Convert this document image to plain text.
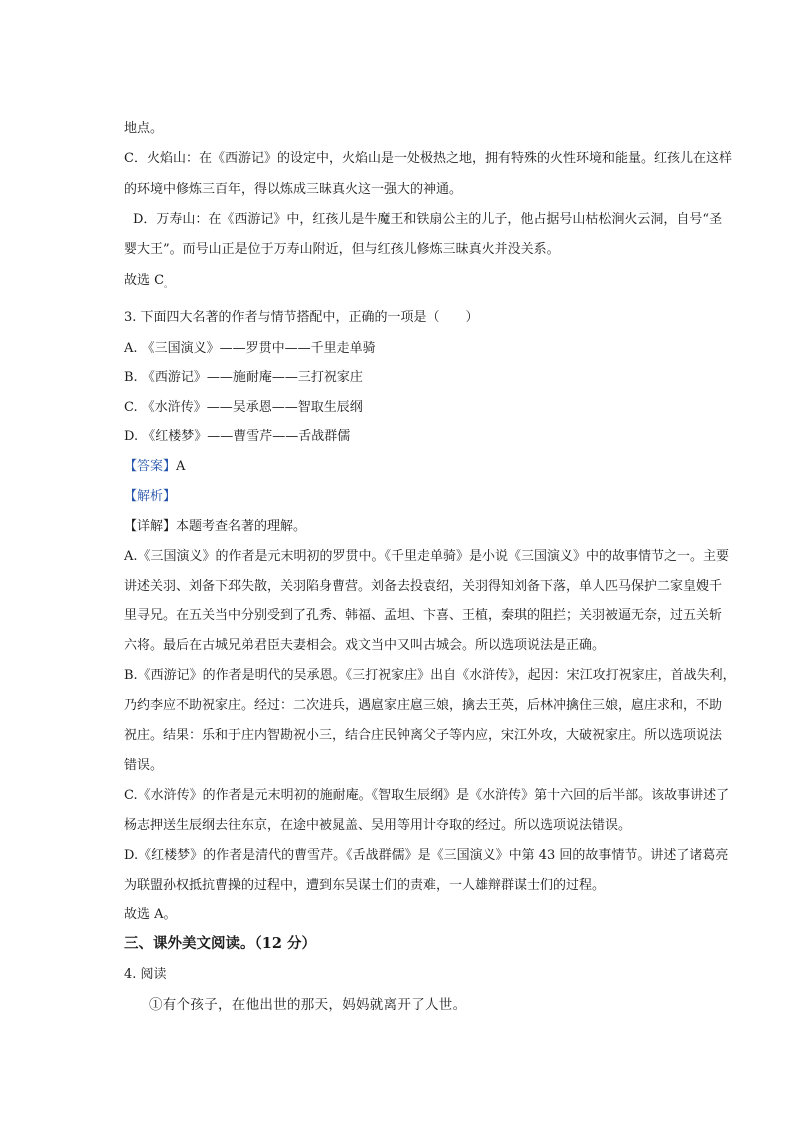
地点。
C．火焰山：在《西游记》的设定中，火焰山是一处极热之地，拥有特殊的火性环境和能量。红孩儿在这样
的环境中修炼三百年，得以炼成三昧真火这一强大的神通。
D．万寿山：在《西游记》中，红孩儿是牛魔王和铁扇公主的儿子，他占据号山枯松涧火云洞，自号“圣
婴大王”。而号山正是位于万寿山附近，但与红孩儿修炼三昧真火并没关系。
故选 $C_。$
3. 下面四大名著的作者与情节搭配中，正确的一项是（　　）
A. 《三国演义》——罗贯中——千里走单骑
B. 《西游记》——施耐庵——三打祝家庄
C. 《水浒传》——吴承恩——智取生辰纲
D. 《红楼梦》——曹雪芹——舌战群儒
【答案】A
【解析】
【详解】本题考查名著的理解。
A.《三国演义》的作者是元末明初的罗贯中。《千里走单骑》是小说《三国演义》中的故事情节之一。主要
讲述关羽、刘备下邳失散，关羽陷身曹营。刘备去投袁绍，关羽得知刘备下落，单人匹马保护二家皇嫂千
里寻兄。在五关当中分别受到了孔秀、韩福、孟坦、卞喜、王植，秦琪的阻拦；关羽被逼无奈，过五关斩
六将。最后在古城兄弟君臣夫妻相会。戏文当中又叫古城会。所以选项说法是正确。
B.《西游记》的作者是明代的吴承恩。《三打祝家庄》出自《水浒传》，起因：宋江攻打祝家庄，首战失利，
乃约李应不助祝家庄。经过：二次进兵，遇扈家庄扈三娘，擒去王英，后林冲擒住三娘，扈庄求和，不助
祝庄。结果：乐和于庄内智勘祝小三，结合庄民钟离父子等内应，宋江外攻，大破祝家庄。所以选项说法
错误。
C.《水浒传》的作者是元末明初的施耐庵。《智取生辰纲》是《水浒传》第十六回的后半部。该故事讲述了
杨志押送生辰纲去往东京，在途中被晁盖、吴用等用计夺取的经过。所以选项说法错误。
D.《红楼梦》的作者是清代的曹雪芹。《舌战群儒》是《三国演义》中第 43 回的故事情节。讲述了诸葛亮
为联盟孙权抵抗曹操的过程中，遭到东吴谋士们的责难，一人雄辩群谋士们的过程。
故选 A。
三、课外美文阅读。（12 分）
4. 阅读
①有个孩子，在他出世的那天，妈妈就离开了人世。
